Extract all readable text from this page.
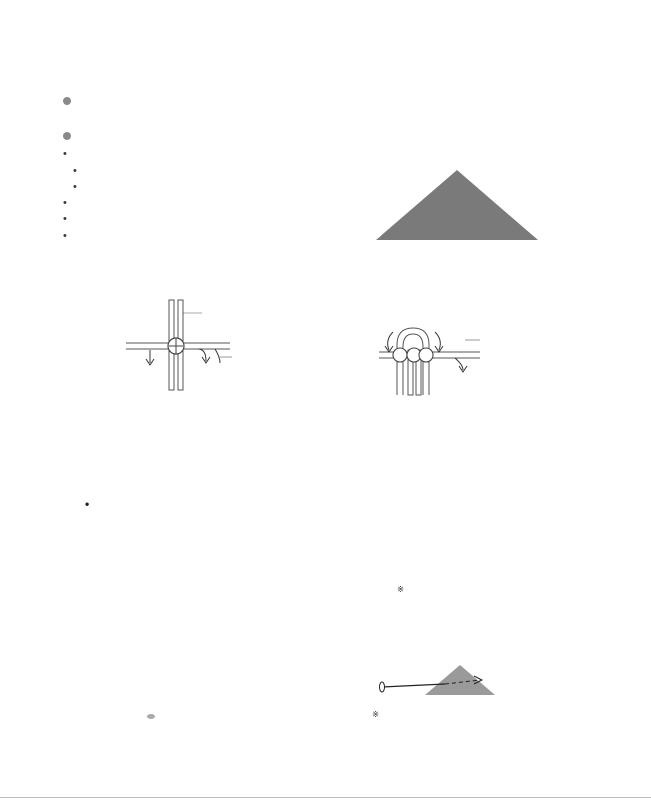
•
•
•
•
•
•

•

※

※
